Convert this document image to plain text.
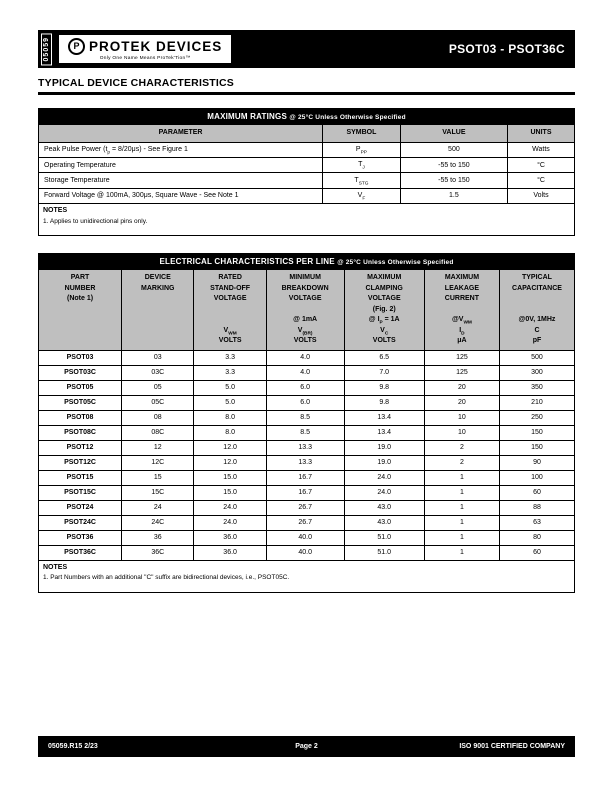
05059	P PROTEK DEVICES
Only One Name Means ProTek'Tion™
PSOT03 - PSOT36C
TYPICAL DEVICE CHARACTERISTICS
MAXIMUM RATINGS @ 25°C Unless Otherwise Specified			
PARAMETER	SYMBOL	VALUE	UNITS
Peak Pulse Power $(t_p = 8/20\mu s)$ - See Figure 1	$P_{PP}$	500	Watts
Operating Temperature	$T_J$	-55 to 150	°C
Storage Temperature	$T_{STG}$	-55 to 150	°C
Forward Voltage @ 100mA, 300μs, Square Wave - See Note 1	$V_F$	1.5	Volts

NOTES
1. Applies to unidirectional pins only.			
ELECTRICAL CHARACTERISTICS PER LINE @ 25°C Unless Otherwise Specified						

PART
NUMBER
(Note 1)

DEVICE
MARKING

RATED
STAND-OFF
VOLTAGE

$V_{WM}$
VOLTS

MINIMUM
BREAKDOWN
VOLTAGE

@ 1mA
$V_{(BR)}$
VOLTS

MAXIMUM
CLAMPING
VOLTAGE
(Fig. 2)
@ $I_P = 1A$
$V_C$
VOLTS

MAXIMUM
LEAKAGE
CURRENT

$@V_{WM}$
$I_D$
μA

TYPICAL
CAPACITANCE

@0V, 1MHz
C
pF

PSOT03	03	3.3	4.0	6.5	125	500
PSOT03C	03C	3.3	4.0	7.0	125	300
PSOT05	05	5.0	6.0	9.8	20	350
PSOT05C	05C	5.0	6.0	9.8	20	210
PSOT08	08	8.0	8.5	13.4	10	250
PSOT08C	08C	8.0	8.5	13.4	10	150
PSOT12	12	12.0	13.3	19.0	2	150
PSOT12C	12C	12.0	13.3	19.0	2	90
PSOT15	15	15.0	16.7	24.0	1	100
PSOT15C	15C	15.0	16.7	24.0	1	60
PSOT24	24	24.0	26.7	43.0	1	88
PSOT24C	24C	24.0	26.7	43.0	1	63
PSOT36	36	36.0	40.0	51.0	1	80
PSOT36C	36C	36.0	40.0	51.0	1	60

NOTES
1. Part Numbers with an additional "C" suffix are bidirectional devices, i.e., PSOT05C.						
05059.R15 2/23	Page 2	ISO 9001 CERTIFIED COMPANY
